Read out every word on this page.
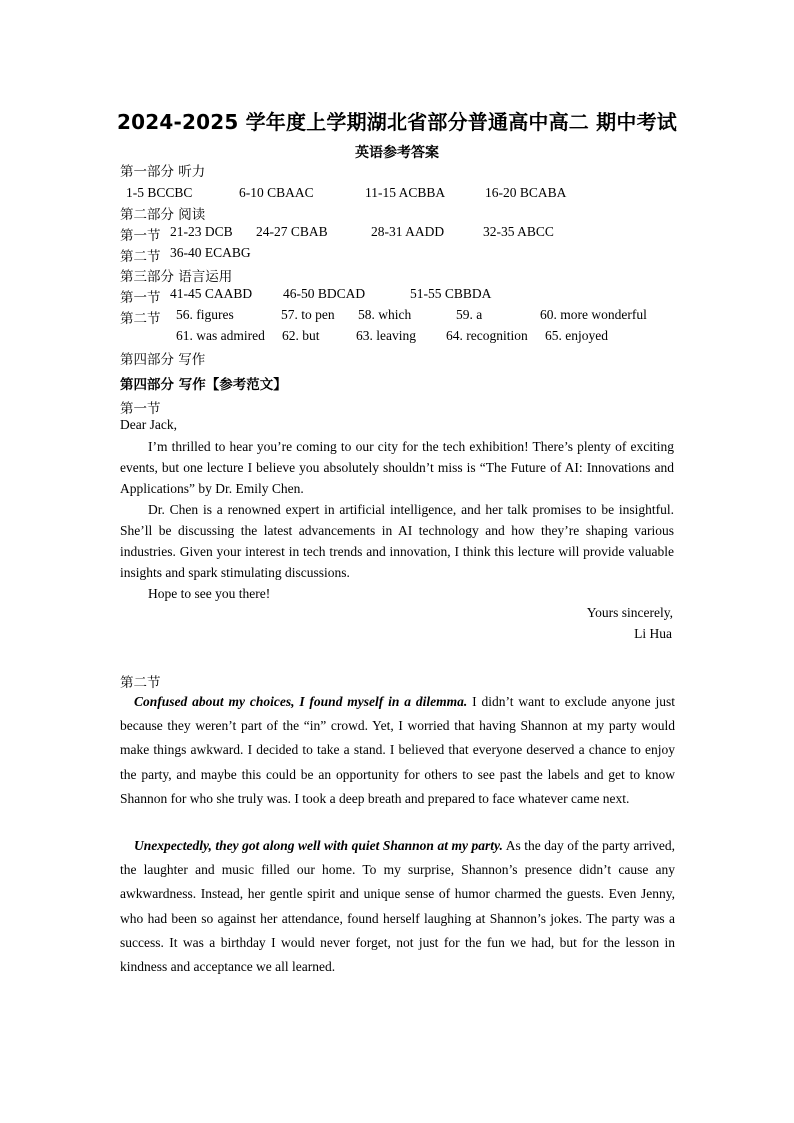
2024-2025 学年度上学期湖北省部分普通高中高二 期中考试
英语参考答案
第一部分 听力
1-5 BCCBC	6-10 CBAAC	11-15 ACBBA	16-20 BCABA
第二部分 阅读
第一节 21-23 DCB 24-27 CBAB	28-31 AADD	32-35 ABCC
第二节 36-40 ECABG
第三部分 语言运用
第一节 41-45 CAABD 46-50 BDCAD	51-55 CBBDA
第二节 56. figures	57. to pen 58. which	59. a	60. more wonderful
61. was admired 62. but	63. leaving 64. recognition 65. enjoyed
第四部分 写作
第四部分 写作【参考范文】
第一节
Dear Jack,

I’m thrilled to hear you’re coming to our city for the tech exhibition! There’s plenty of exciting events, but one lecture I believe you absolutely shouldn’t miss is “The Future of AI: Innovations and Applications” by Dr. Emily Chen.

Dr. Chen is a renowned expert in artificial intelligence, and her talk promises to be insightful. She’ll be discussing the latest advancements in AI technology and how they’re shaping various industries. Given your interest in tech trends and innovation, I think this lecture will provide valuable insights and spark stimulating discussions.

Hope to see you there!

Yours sincerely,
Li Hua
第二节

Confused about my choices, I found myself in a dilemma. I didn’t want to exclude anyone just because they weren’t part of the “in” crowd. Yet, I worried that having Shannon at my party would make things awkward. I decided to take a stand. I believed that everyone deserved a chance to enjoy the party, and maybe this could be an opportunity for others to see past the labels and get to know Shannon for who she truly was. I took a deep breath and prepared to face whatever came next.

Unexpectedly, they got along well with quiet Shannon at my party. As the day of the party arrived, the laughter and music filled our home. To my surprise, Shannon’s presence didn’t cause any awkwardness. Instead, her gentle spirit and unique sense of humor charmed the guests. Even Jenny, who had been so against her attendance, found herself laughing at Shannon’s jokes. The party was a success. It was a birthday I would never forget, not just for the fun we had, but for the lesson in kindness and acceptance we all learned.
